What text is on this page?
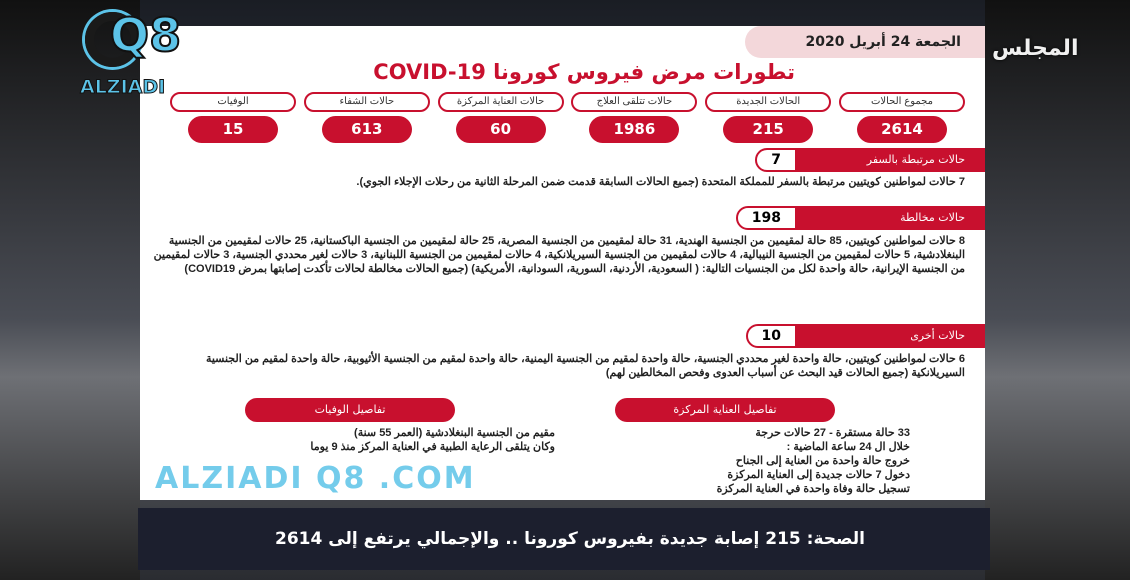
الجمعة 24 أبريل 2020
تطورات مرض فيروس كورونا COVID-19
مجموع الحالات
2614
الحالات الجديدة
215
حالات تتلقى العلاج
1986
حالات العناية المركزة
60
حالات الشفاء
613
الوفيات
15
حالات مرتبطة بالسفر
7
7 حالات لمواطنين كويتيين مرتبطة بالسفر للمملكة المتحدة (جميع الحالات السابقة قدمت ضمن المرحلة الثانية من رحلات الإجلاء الجوي).
حالات مخالطة
198
8 حالات لمواطنين كويتيين، 85 حالة لمقيمين من الجنسية الهندية، 31 حالة لمقيمين من الجنسية المصرية، 25 حالة لمقيمين من الجنسية الباكستانية، 25 حالات لمقيمين من الجنسية البنغلادشية، 5 حالات لمقيمين من الجنسية النيبالية، 4 حالات لمقيمين من الجنسية السيريلانكية، 4 حالات لمقيمين من الجنسية اللبنانية، 3 حالات لغير محددي الجنسية، 3 حالات لمقيمين من الجنسية الإيرانية، حالة واحدة لكل من الجنسيات التالية: ( السعودية، الأردنية، السورية، السودانية، الأمريكية) (جميع الحالات مخالطة لحالات تأكدت إصابتها بمرض COVID19)
حالات أخرى
10
6 حالات لمواطنين كويتيين، حالة واحدة لغير محددي الجنسية، حالة واحدة لمقيم من الجنسية اليمنية، حالة واحدة لمقيم من الجنسية الأثيوبية، حالة واحدة لمقيم من الجنسية السيريلانكية (جميع الحالات قيد البحث عن أسباب العدوى وفحص المخالطين لهم)
تفاصيل العناية المركزة
33 حالة مستقرة - 27 حالات حرجة
خلال ال 24 ساعة الماضية :
خروج حالة واحدة من العناية إلى الجناح
دخول 7 حالات جديدة إلى العناية المركزة
تسجيل حالة وفاة واحدة في العناية المركزة
تفاصيل الوفيات
مقيم من الجنسية البنغلادشية (العمر 55 سنة)
وكان يتلقى الرعاية الطبية في العناية المركز منذ 9 يوما
ALZIADI Q8 .COM
Q8
ALZIADI
المجلس
الصحة: 215 إصابة جديدة بفيروس كورونا .. والإجمالي يرتفع إلى 2614
